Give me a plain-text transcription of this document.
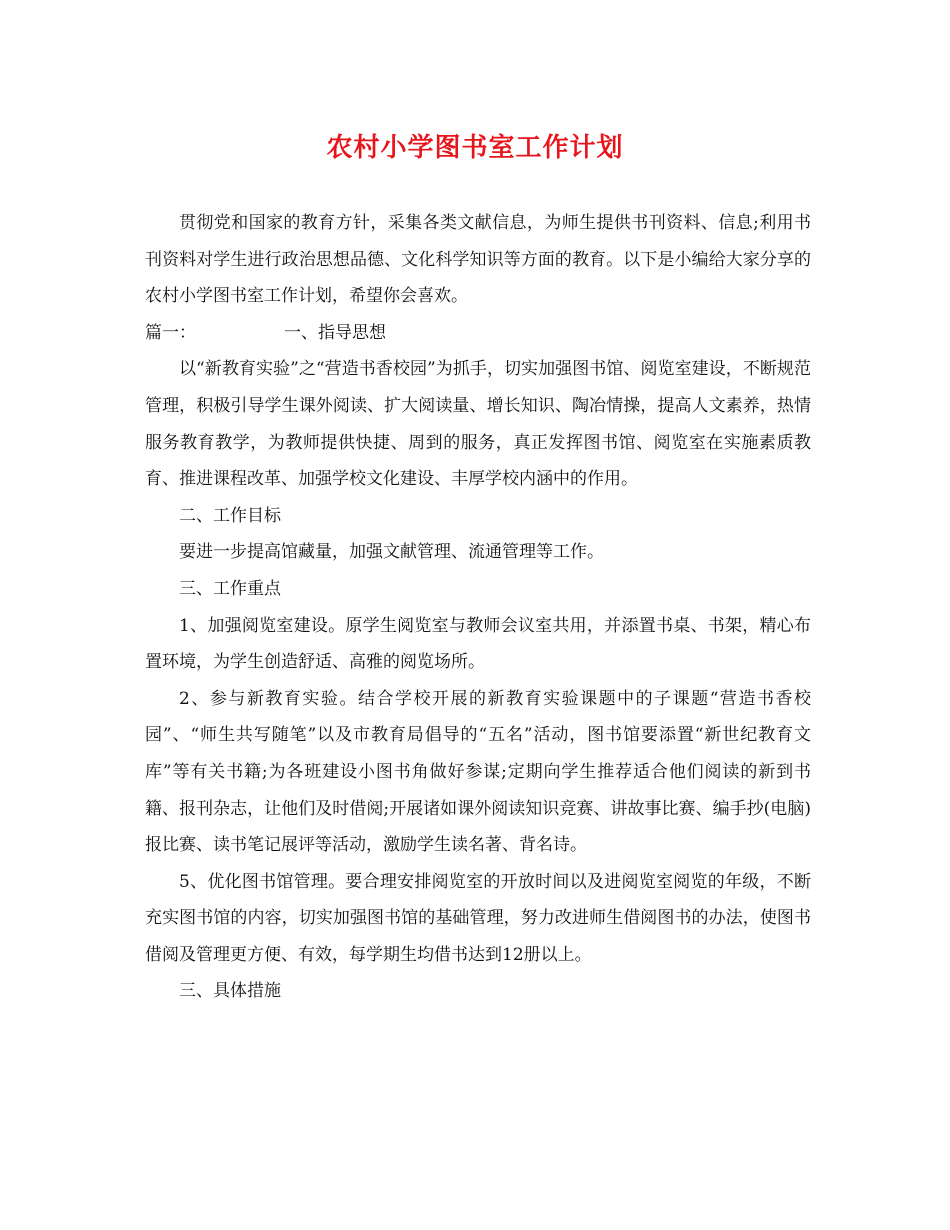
农村小学图书室工作计划

贯彻党和国家的教育方针，采集各类文献信息，为师生提供书刊资料、信息;利用书刊资料对学生进行政治思想品德、文化科学知识等方面的教育。以下是小编给大家分享的农村小学图书室工作计划，希望你会喜欢。

篇一：	一、指导思想

以“新教育实验”之“营造书香校园”为抓手，切实加强图书馆、阅览室建设，不断规范管理，积极引导学生课外阅读、扩大阅读量、增长知识、陶冶情操，提高人文素养，热情服务教育教学，为教师提供快捷、周到的服务，真正发挥图书馆、阅览室在实施素质教育、推进课程改革、加强学校文化建设、丰厚学校内涵中的作用。

二、工作目标

要进一步提高馆藏量，加强文献管理、流通管理等工作。

三、工作重点

1、加强阅览室建设。原学生阅览室与教师会议室共用，并添置书桌、书架，精心布置环境，为学生创造舒适、高雅的阅览场所。

2、参与新教育实验。结合学校开展的新教育实验课题中的子课题“营造书香校园”、“师生共写随笔”以及市教育局倡导的“五名”活动，图书馆要添置“新世纪教育文库”等有关书籍;为各班建设小图书角做好参谋;定期向学生推荐适合他们阅读的新到书籍、报刊杂志，让他们及时借阅;开展诸如课外阅读知识竞赛、讲故事比赛、编手抄(电脑)报比赛、读书笔记展评等活动，激励学生读名著、背名诗。

5、优化图书馆管理。要合理安排阅览室的开放时间以及进阅览室阅览的年级，不断充实图书馆的内容，切实加强图书馆的基础管理，努力改进师生借阅图书的办法，使图书借阅及管理更方便、有效，每学期生均借书达到12册以上。

三、具体措施
